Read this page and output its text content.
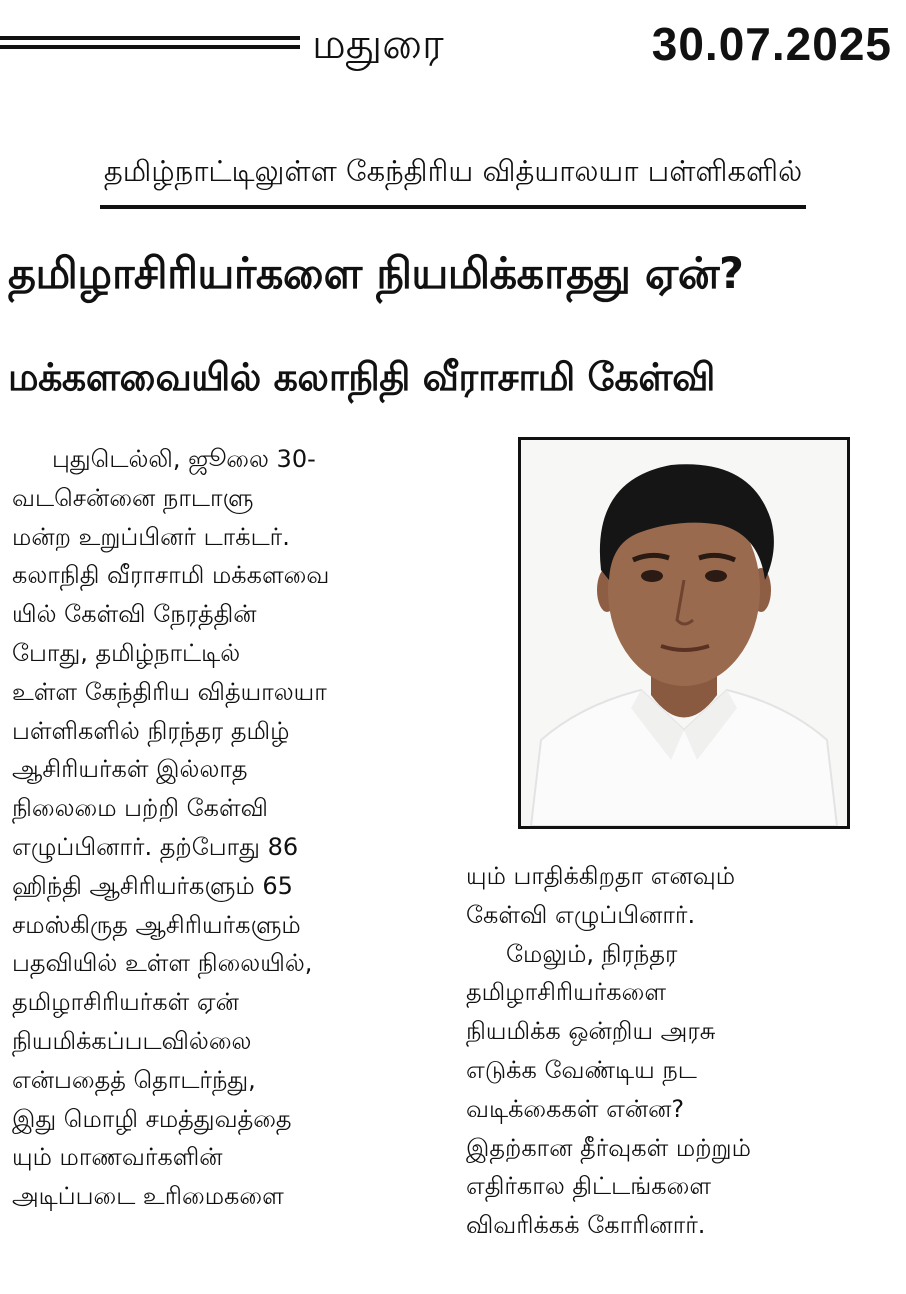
மதுரை	30.07.2025
தமிழ்நாட்டிலுள்ள கேந்திரிய வித்யாலயா பள்ளிகளில்
தமிழாசிரியர்களை நியமிக்காதது ஏன்?
மக்களவையில் கலாநிதி வீராசாமி கேள்வி

புதுடெல்லி, ஜூலை 30-

வடசென்னை நாடாளு

மன்ற உறுப்பினர் டாக்டர்.

கலாநிதி வீராசாமி மக்களவை

யில் கேள்வி நேரத்தின்

போது, தமிழ்நாட்டில்

உள்ள கேந்திரிய வித்யாலயா

பள்ளிகளில் நிரந்தர தமிழ்

ஆசிரியர்கள் இல்லாத

நிலைமை பற்றி கேள்வி

எழுப்பினார். தற்போது 86

ஹிந்தி ஆசிரியர்களும் 65

சமஸ்கிருத ஆசிரியர்களும்

பதவியில் உள்ள நிலையில்,

தமிழாசிரியர்கள் ஏன்

நியமிக்கப்படவில்லை

என்பதைத் தொடர்ந்து,

இது மொழி சமத்துவத்தை

யும் மாணவர்களின்

அடிப்படை உரிமைகளை

யும் பாதிக்கிறதா எனவும்

கேள்வி எழுப்பினார்.

மேலும், நிரந்தர

தமிழாசிரியர்களை

நியமிக்க ஒன்றிய அரசு

எடுக்க வேண்டிய நட

வடிக்கைகள் என்ன?

இதற்கான தீர்வுகள் மற்றும்

எதிர்கால திட்டங்களை

விவரிக்கக் கோரினார்.
